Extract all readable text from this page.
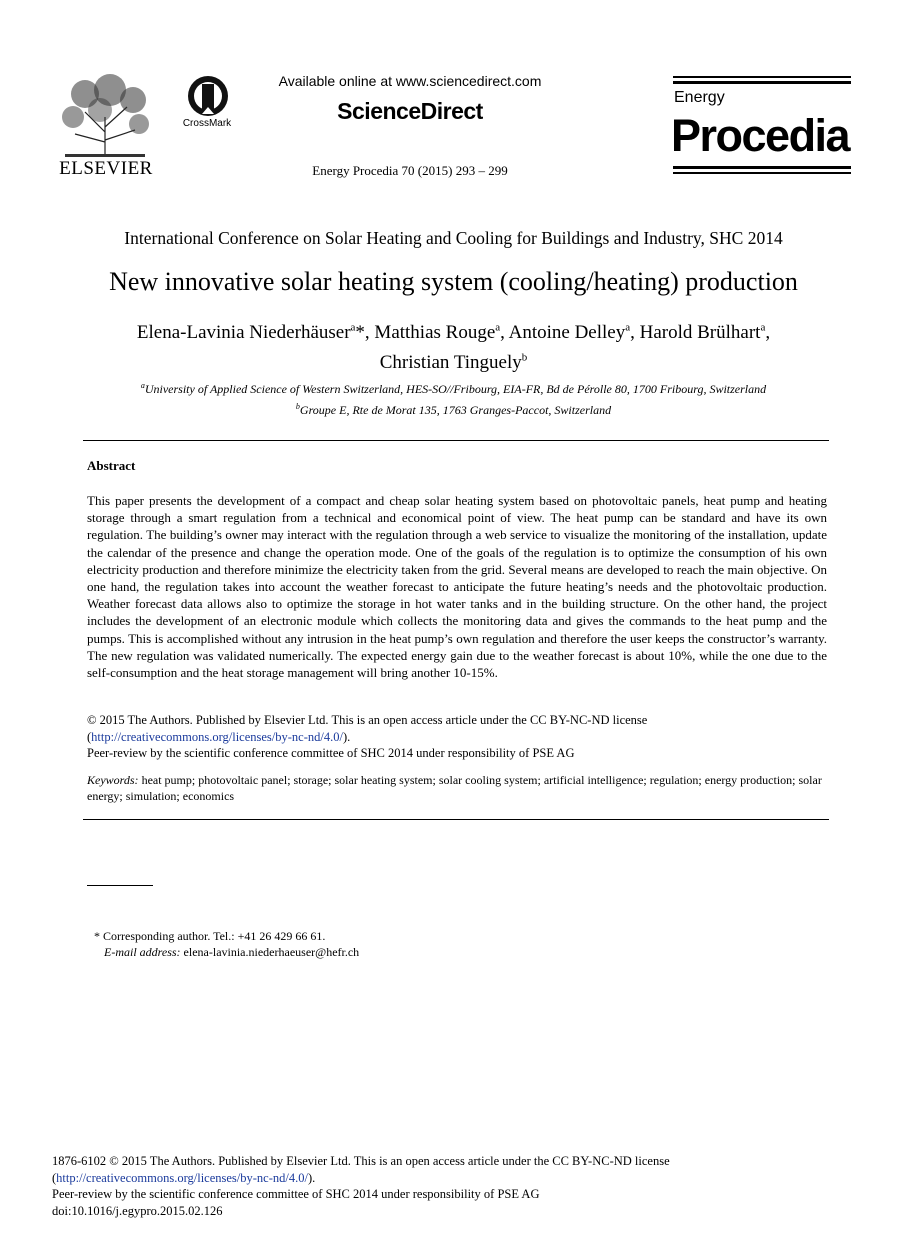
ELSEVIER
CrossMark
Available online at www.sciencedirect.com
ScienceDirect
Energy Procedia 70 (2015) 293 – 299
Energy
Procedia
International Conference on Solar Heating and Cooling for Buildings and Industry, SHC 2014
New innovative solar heating system (cooling/heating) production
Elena-Lavinia Niederhäuser$^a$*, Matthias Rouge$^a$, Antoine Delley$^a$, Harold Brülhart$^a$,
Christian Tinguely$^b$
$^a$University of Applied Science of Western Switzerland, HES-SO//Fribourg, EIA-FR, Bd de Pérolle 80, 1700 Fribourg, Switzerland
$^b$Groupe E, Rte de Morat 135, 1763 Granges-Paccot, Switzerland
Abstract
This paper presents the development of a compact and cheap solar heating system based on photovoltaic panels, heat pump and heating storage through a smart regulation from a technical and economical point of view. The heat pump can be standard and have its own regulation. The building’s owner may interact with the regulation through a web service to visualize the monitoring of the installation, update the calendar of the presence and change the operation mode. One of the goals of the regulation is to optimize the consumption of his own electricity production and therefore minimize the electricity taken from the grid. Several means are developed to reach the main objective. On one hand, the regulation takes into account the weather forecast to anticipate the future heating’s needs and the photovoltaic production. Weather forecast data allows also to optimize the storage in hot water tanks and in the building structure. On the other hand, the project includes the development of an electronic module which collects the monitoring data and gives the commands to the heat pump and the pumps. This is accomplished without any intrusion in the heat pump’s own regulation and therefore the user keeps the constructor’s warranty. The new regulation was validated numerically. The expected energy gain due to the weather forecast is about 10%, while the one due to the self-consumption and the heat storage management will bring another 10-15%.
© 2015 The Authors. Published by Elsevier Ltd. This is an open access article under the CC BY-NC-ND license
(http://creativecommons.org/licenses/by-nc-nd/4.0/).
Peer-review by the scientific conference committee of SHC 2014 under responsibility of PSE AG
Keywords: heat pump; photovoltaic panel; storage; solar heating system; solar cooling system; artificial intelligence; regulation; energy production; solar energy; simulation; economics
* Corresponding author. Tel.: +41 26 429 66 61.
E-mail address: elena-lavinia.niederhaeuser@hefr.ch
1876-6102 © 2015 The Authors. Published by Elsevier Ltd. This is an open access article under the CC BY-NC-ND license
(http://creativecommons.org/licenses/by-nc-nd/4.0/).
Peer-review by the scientific conference committee of SHC 2014 under responsibility of PSE AG
doi:10.1016/j.egypro.2015.02.126
